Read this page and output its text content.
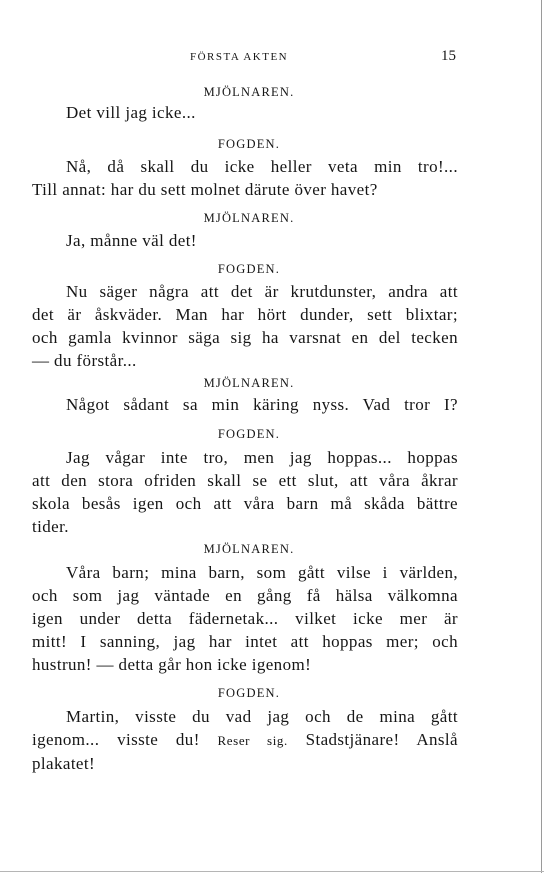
FÖRSTA AKTEN	15

MJÖLNAREN.

Det vill jag icke...

FOGDEN.

Nå, då skall du icke heller veta min tro!...
Till annat: har du sett molnet därute över havet?

MJÖLNAREN.

Ja, månne väl det!

FOGDEN.

Nu säger några att det är krutdunster, andra att
det är åskväder. Man har hört dunder, sett blixtar;
och gamla kvinnor säga sig ha varsnat en del tecken
— du förstår...

MJÖLNAREN.

Något sådant sa min käring nyss. Vad tror I?

FOGDEN.

Jag vågar inte tro, men jag hoppas... hoppas
att den stora ofriden skall se ett slut, att våra åkrar
skola besås igen och att våra barn må skåda bättre
tider.

MJÖLNAREN.

Våra barn; mina barn, som gått vilse i världen,
och som jag väntade en gång få hälsa välkomna
igen under detta fädernetak... vilket icke mer är
mitt! I sanning, jag har intet att hoppas mer; och
hustrun! — detta går hon icke igenom!

FOGDEN.

Martin, visste du vad jag och de mina gått
igenom... visste du! Reser sig. Stadstjänare! Anslå
plakatet!
